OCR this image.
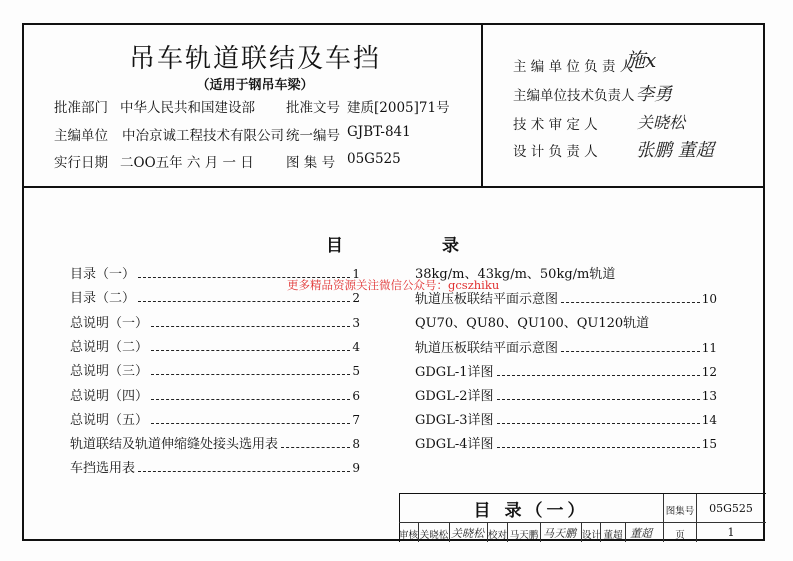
吊车轨道联结及车挡
（适用于钢吊车梁）
批准部门 中华人民共和国建设部 批准文号 建质[2005]71号
主编单位 中冶京诚工程技术有限公司 统一编号 GJBT-841
实行日期 二OO五年 六 月 一 日 图 集 号 05G525
主 编 单 位 负 责 人
施x
主编单位技术负责人 李勇
技 术 审 定 人 关晓松
设 计 负 责 人 张鹏 董超
目	录
目录（一）	1
目录（二）	2
总说明（一）	3
总说明（二）	4
总说明（三）	5
总说明（四）	6
总说明（五）	7
轨道联结及轨道伸缩缝处接头选用表	8
车挡选用表	9
38kg/m、43kg/m、50kg/m轨道
轨道压板联结平面示意图	10
QU70、QU80、QU100、QU120轨道
轨道压板联结平面示意图	11
GDGL-1详图	12
GDGL-2详图	13
GDGL-3详图	14
GDGL-4详图	15
更多精品资源关注微信公众号：gcszhiku
目 录（一）	图集号	05G525
页	1
审核 关晓松 关晓松 校对 马天鹏 马天鹏 设计 董超 董超
